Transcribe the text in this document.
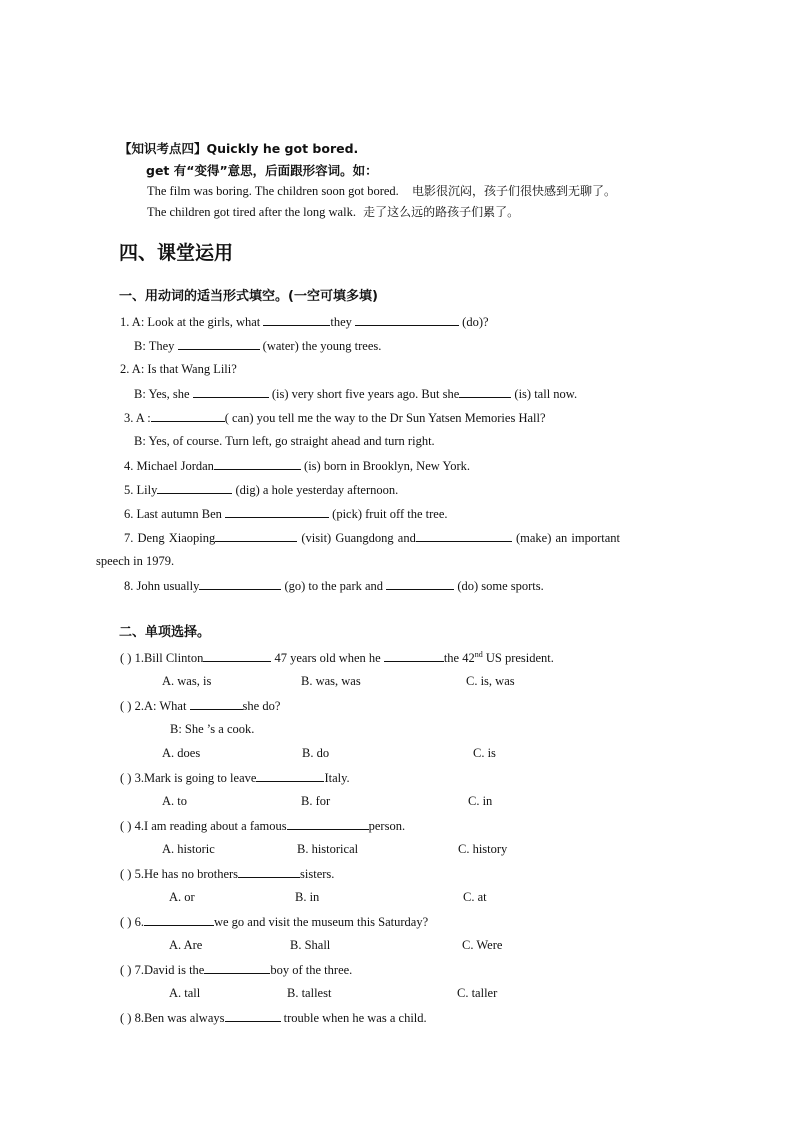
【知识考点四】Quickly he got bored.
get 有“变得”意思，后面跟形容词。如：
The film was boring. The children soon got bored. 电影很沉闷，孩子们很快感到无聊了。
The children got tired after the long walk. 走了这么远的路孩子们累了。
四、课堂运用
一、用动词的适当形式填空。(一空可填多填)
1. A: Look at the girls, what	they	(do)?
B: They	(water) the young trees.
2. A: Is that Wang Lili?
B: Yes, she	(is) very short five years ago. But she	(is) tall now.
3. A :	( can) you tell me the way to the Dr Sun Yatsen Memories Hall?
B: Yes, of course. Turn left, go straight ahead and turn right.
4. Michael Jordan	(is) born in Brooklyn, New York.
5. Lily	(dig) a hole yesterday afternoon.
6. Last autumn Ben	(pick) fruit off the tree.
7. Deng Xiaoping	(visit) Guangdong and	(make) an important
speech in 1979.
8. John usually	(go) to the park and	(do) some sports.
二、单项选择。
( ) 1.Bill Clinton	47 years old when he	the 42nd US president.
A. was, is	B. was, was	C. is, was
( ) 2.A: What	she do?
B: She ’s a cook.
A. does	B. do	C. is
( ) 3.Mark is going to leave	Italy.
A. to	B. for	C. in
( ) 4.I am reading about a famous	person.
A. historic	B. historical	C. history
( ) 5.He has no brothers	sisters.
A. or	B. in	C. at
( ) 6.	we go and visit the museum this Saturday?
A. Are	B. Shall	C. Were
( ) 7.David is the	boy of the three.
A. tall	B. tallest	C. taller
( ) 8.Ben was always	trouble when he was a child.
